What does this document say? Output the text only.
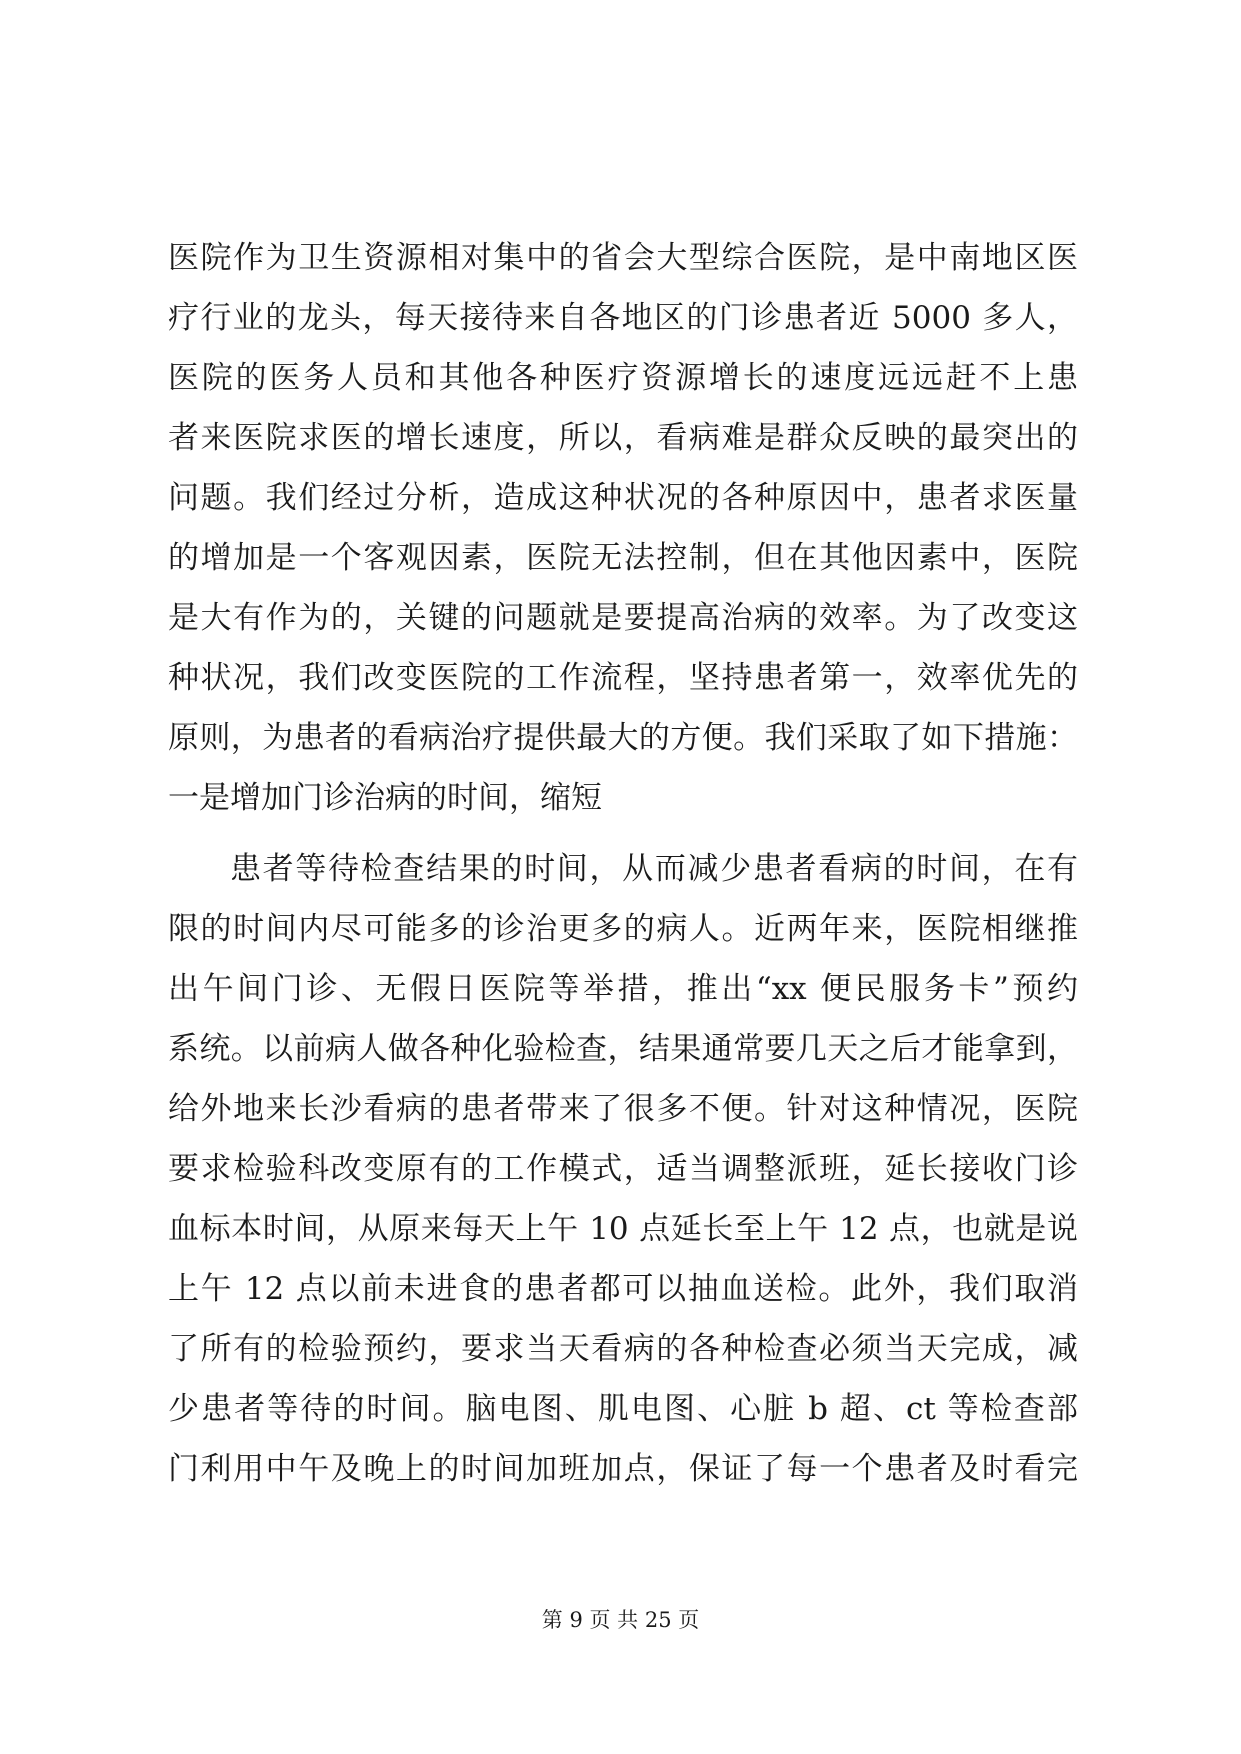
医院作为卫生资源相对集中的省会大型综合医院，是中南地区医
疗行业的龙头，每天接待来自各地区的门诊患者近 5000 多人，
医院的医务人员和其他各种医疗资源增长的速度远远赶不上患
者来医院求医的增长速度，所以，看病难是群众反映的最突出的
问题。我们经过分析，造成这种状况的各种原因中，患者求医量
的增加是一个客观因素，医院无法控制，但在其他因素中，医院
是大有作为的，关键的问题就是要提高治病的效率。为了改变这
种状况，我们改变医院的工作流程，坚持患者第一，效率优先的
原则，为患者的看病治疗提供最大的方便。我们采取了如下措施：
一是增加门诊治病的时间，缩短
患者等待检查结果的时间，从而减少患者看病的时间，在有
限的时间内尽可能多的诊治更多的病人。近两年来，医院相继推
出午间门诊、无假日医院等举措，推出“xx 便民服务卡”预约
系统。以前病人做各种化验检查，结果通常要几天之后才能拿到，
给外地来长沙看病的患者带来了很多不便。针对这种情况，医院
要求检验科改变原有的工作模式，适当调整派班，延长接收门诊
血标本时间，从原来每天上午 10 点延长至上午 12 点，也就是说
上午 12 点以前未进食的患者都可以抽血送检。此外，我们取消
了所有的检验预约，要求当天看病的各种检查必须当天完成，减
少患者等待的时间。脑电图、肌电图、心脏 b 超、ct 等检查部
门利用中午及晚上的时间加班加点，保证了每一个患者及时看完
第 9 页 共 25 页
